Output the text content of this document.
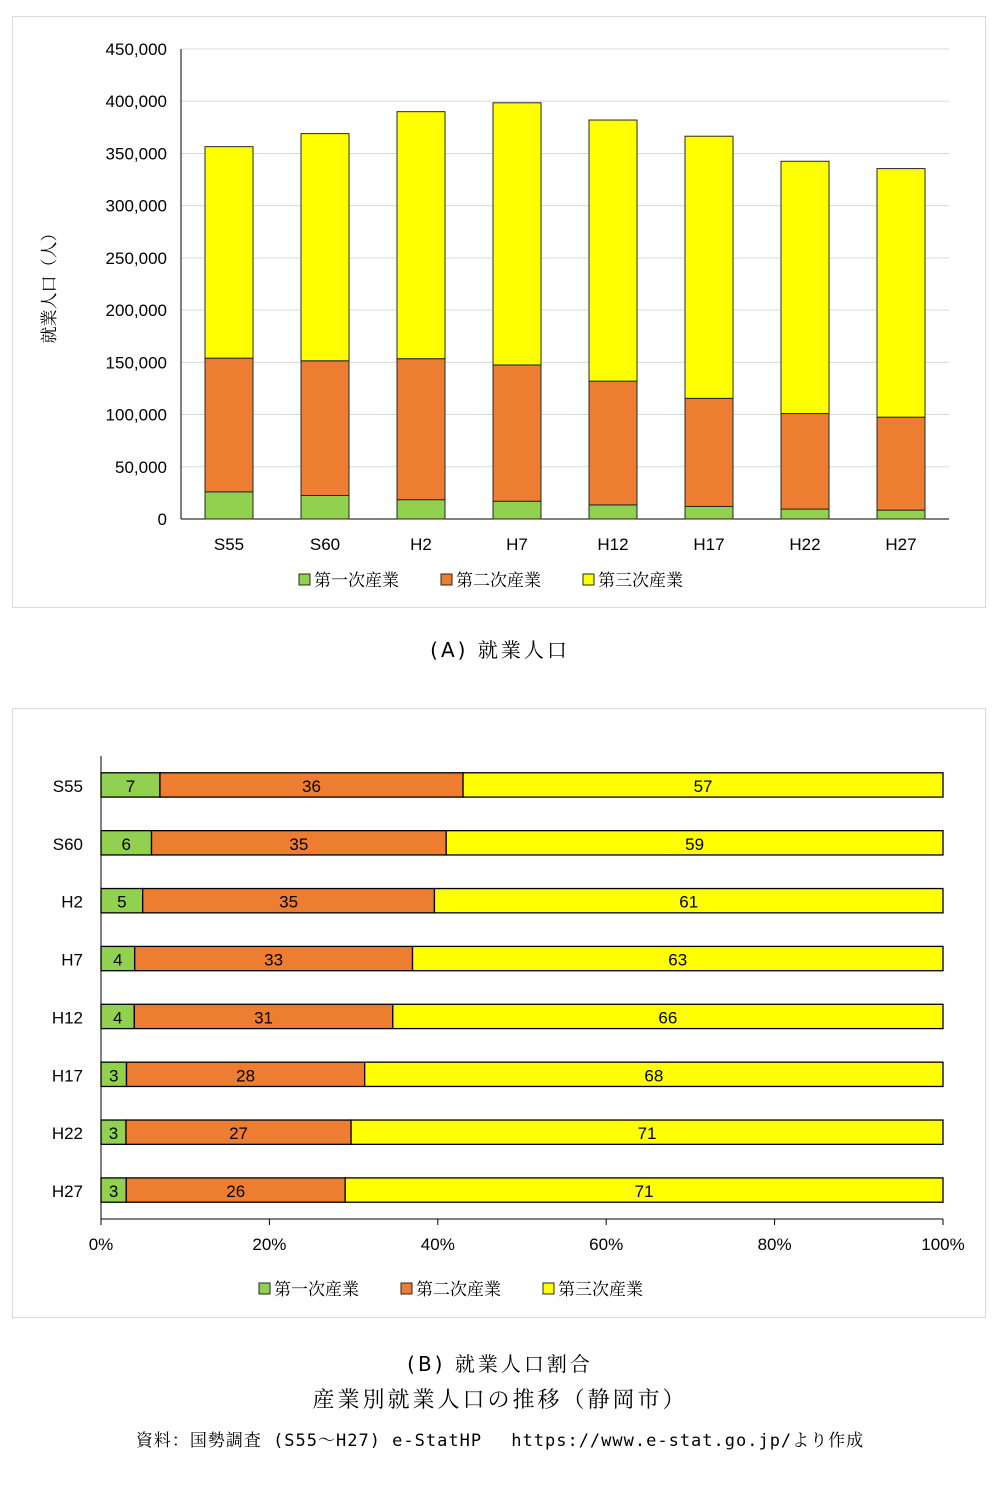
0
50,000
100,000
150,000
200,000
250,000
300,000
350,000
400,000
450,000
S55	S60	H2	H7	H12	H17	H22	H27
就業人口（人）
第一次産業	第二次産業	第三次産業
(A) 就業人口
0%	20%	40%	60%	80%	100%
7	36	57
S55
6	35	59
S60
5	35	61
H2
4	33	63
H7
4	31	66
H12
3	28	68
H17
3	27	71
H22
3	26	71
H27
第一次産業	第二次産業	第三次産業
(B) 就業人口割合
産業別就業人口の推移（静岡市）
資料：国勢調査 (S55～H27) e-StatHP　 https://www.e-stat.go.jp/より作成
